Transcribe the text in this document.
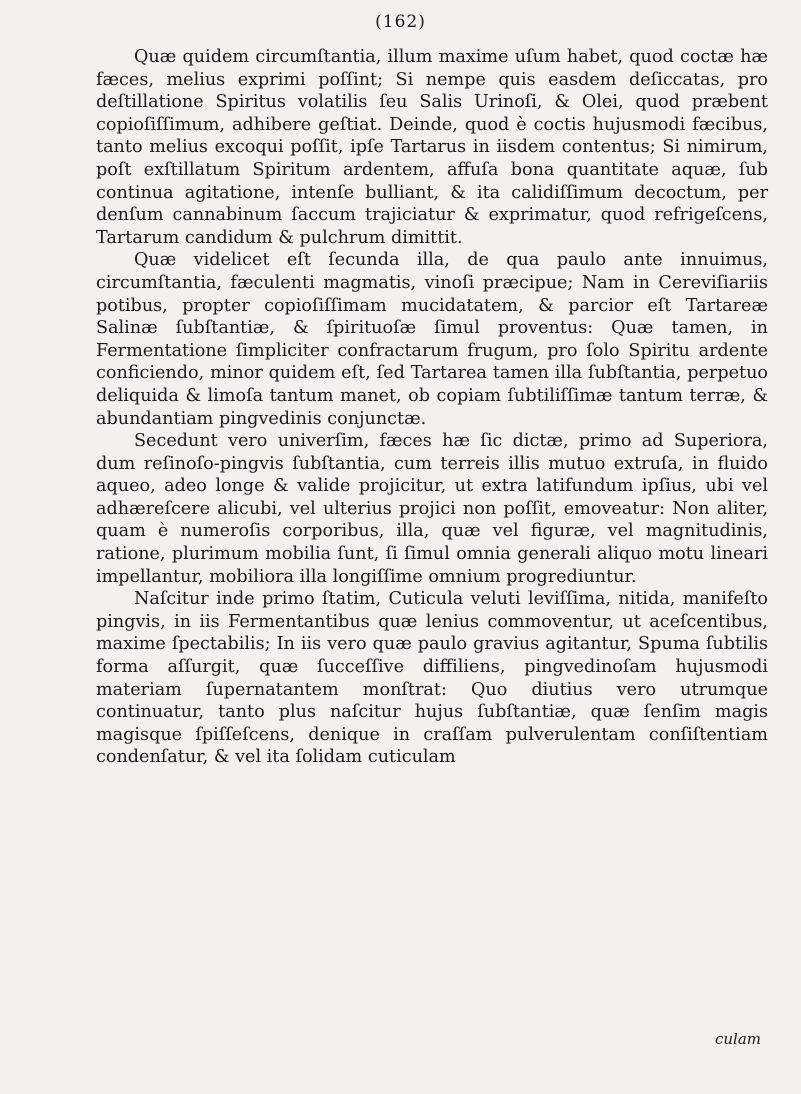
(162)

Quæ quidem circumſtantia, illum maxime uſum habet, quod coctæ hæ fæces, melius exprimi poſſint; Si nempe quis easdem deſiccatas, pro deſtillatione Spiritus volatilis ſeu Salis Urinoſi, & Olei, quod præbent copioſiſſimum, adhibere geſtiat. Deinde, quod è coctis hujusmodi fæcibus, tanto melius excoqui poſſit, ipſe Tartarus in iisdem contentus; Si nimirum, poſt exſtillatum Spiritum ardentem, affuſa bona quantitate aquæ, ſub continua agitatione, intenſe bulliant, & ita calidiſſimum decoctum, per denſum cannabinum ſaccum trajiciatur & exprimatur, quod refrigeſcens, Tartarum candidum & pulchrum dimittit.

Quæ videlicet eſt ſecunda illa, de qua paulo ante innuimus, circumſtantia, fæculenti magmatis, vinoſi præcipue; Nam in Cereviſiariis potibus, propter copioſiſſimam mucidatatem, & parcior eſt Tartareæ Salinæ ſubſtantiæ, & ſpirituoſæ ſimul proventus: Quæ tamen, in Fermentatione ſimpliciter confractarum frugum, pro ſolo Spiritu ardente conficiendo, minor quidem eſt, ſed Tartarea tamen illa ſubſtantia, perpetuo deliquida & limoſa tantum manet, ob copiam ſubtiliſſimæ tantum terræ, & abundantiam pingvedinis conjunctæ.

Secedunt vero univerſim, fæces hæ ſic dictæ, primo ad Superiora, dum reſinoſo-pingvis ſubſtantia, cum terreis illis mutuo extruſa, in fluido aqueo, adeo longe & valide projicitur, ut extra latifundum ipſius, ubi vel adhæreſcere alicubi, vel ulterius projici non poſſit, emoveatur: Non aliter, quam è numeroſis corporibus, illa, quæ vel figuræ, vel magnitudinis, ratione, plurimum mobilia ſunt, ſi ſimul omnia generali aliquo motu lineari impellantur, mobiliora illa longiſſime omnium progrediuntur.

Naſcitur inde primo ſtatim, Cuticula veluti leviſſima, nitida, manifeſto pingvis, in iis Fermentantibus quæ lenius commoventur, ut aceſcentibus, maxime ſpectabilis; In iis vero quæ paulo gravius agitantur, Spuma ſubtilis forma aſſurgit, quæ ſucceſſive diffiliens, pingvedinoſam hujusmodi materiam ſupernatantem monſtrat: Quo diutius vero utrumque continuatur, tanto plus naſcitur hujus ſubſtantiæ, quæ ſenſim magis magisque ſpiſſeſcens, denique in craſſam pulverulentam conſiſtentiam condenſatur, & vel ita ſolidam cuticulam

culam
